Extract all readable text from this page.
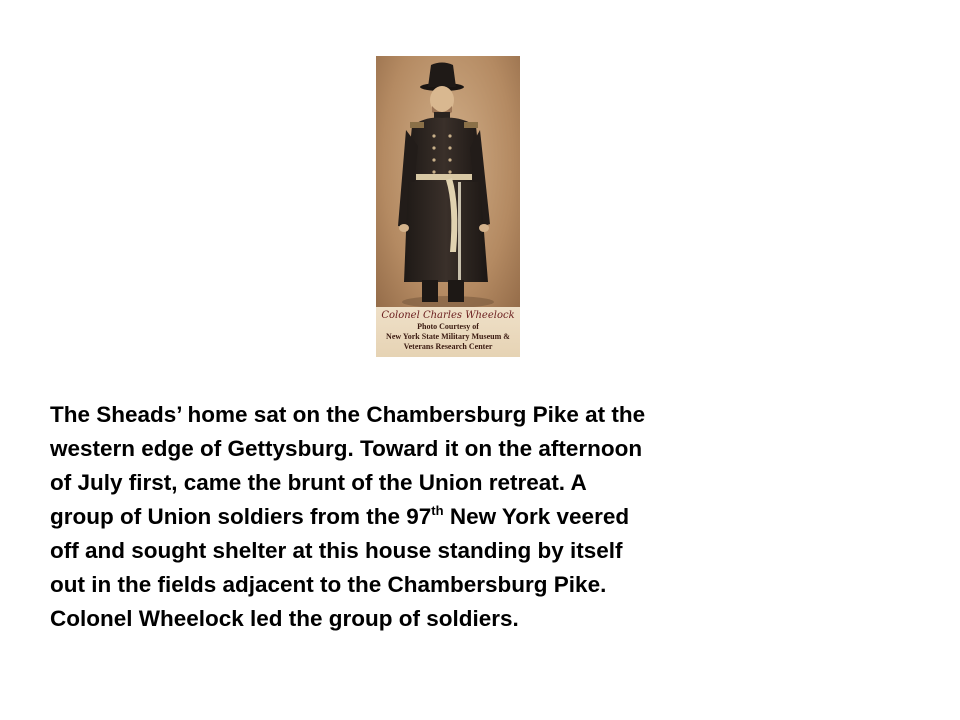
Colonel Charles Wheelock
Photo Courtesy of
New York State Military Museum &
Veterans Research Center

The Sheads’ home sat on the Chambersburg Pike at the
western edge of Gettysburg. Toward it on the afternoon
of July first, came the brunt of the Union retreat. A
group of Union soldiers from the 97th New York veered
off and sought shelter at this house standing by itself
out in the fields adjacent to the Chambersburg Pike.
Colonel Wheelock led the group of soldiers.
